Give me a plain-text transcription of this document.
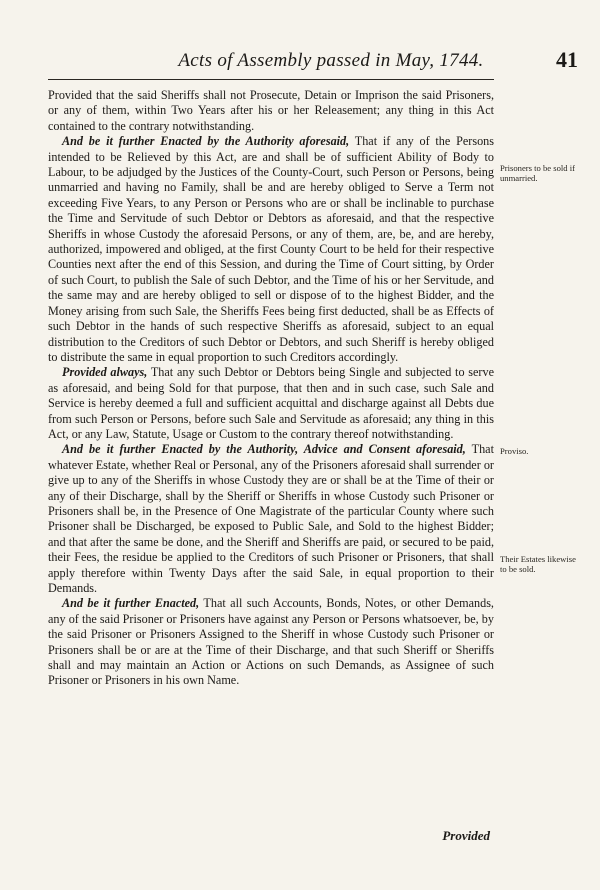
Acts of Assembly passed in May, 1744.	41

Provided that the said Sheriffs shall not Prosecute, Detain or Imprison the said Prisoners, or any of them, within Two Years after his or her Releasement; any thing in this Act contained to the contrary notwithstanding.

And be it further Enacted by the Authority aforesaid, That if any of the Persons intended to be Relieved by this Act, are and shall be of sufficient Ability of Body to Labour, to be adjudged by the Justices of the County-Court, such Person or Persons, being unmarried and having no Family, shall be and are hereby obliged to Serve a Term not exceeding Five Years, to any Person or Persons who are or shall be inclinable to purchase the Time and Servitude of such Debtor or Debtors as aforesaid, and that the respective Sheriffs in whose Custody the aforesaid Persons, or any of them, are, be, and are hereby, authorized, impowered and obliged, at the first County Court to be held for their respective Counties next after the end of this Session, and during the Time of Court sitting, by Order of such Court, to publish the Sale of such Debtor, and the Time of his or her Servitude, and the same may and are hereby obliged to sell or dispose of to the highest Bidder, and the Money arising from such Sale, the Sheriffs Fees being first deducted, shall be as Effects of such Debtor in the hands of such respective Sheriffs as aforesaid, subject to an equal distribution to the Creditors of such Debtor or Debtors, and such Sheriff is hereby obliged to distribute the same in equal proportion to such Creditors accordingly.

Provided always, That any such Debtor or Debtors being Single and subjected to serve as aforesaid, and being Sold for that purpose, that then and in such case, such Sale and Service is hereby deemed a full and sufficient acquittal and discharge against all Debts due from such Person or Persons, before such Sale and Servitude as aforesaid; any thing in this Act, or any Law, Statute, Usage or Custom to the contrary thereof notwithstanding.

And be it further Enacted by the Authority, Advice and Consent aforesaid, That whatever Estate, whether Real or Personal, any of the Prisoners aforesaid shall surrender or give up to any of the Sheriffs in whose Custody they are or shall be at the Time of their or any of their Discharge, shall by the Sheriff or Sheriffs in whose Custody such Prisoner or Prisoners shall be, in the Presence of One Magistrate of the particular County where such Prisoner shall be Discharged, be exposed to Public Sale, and Sold to the highest Bidder; and that after the same be done, and the Sheriff and Sheriffs are paid, or secured to be paid, their Fees, the residue be applied to the Creditors of such Prisoner or Prisoners, that shall apply therefore within Twenty Days after the said Sale, in equal proportion to their Demands.

And be it further Enacted, That all such Accounts, Bonds, Notes, or other Demands, any of the said Prisoner or Prisoners have against any Person or Persons whatsoever, be, by the said Prisoner or Prisoners Assigned to the Sheriff in whose Custody such Prisoner or Prisoners shall be or are at the Time of their Discharge, and that such Sheriff or Sheriffs shall and may maintain an Action or Actions on such Demands, as Assignee of such Prisoner or Prisoners in his own Name.

Prisoners to be sold if unmarried.
Proviso.
Their Estates likewise to be sold.
Provided
